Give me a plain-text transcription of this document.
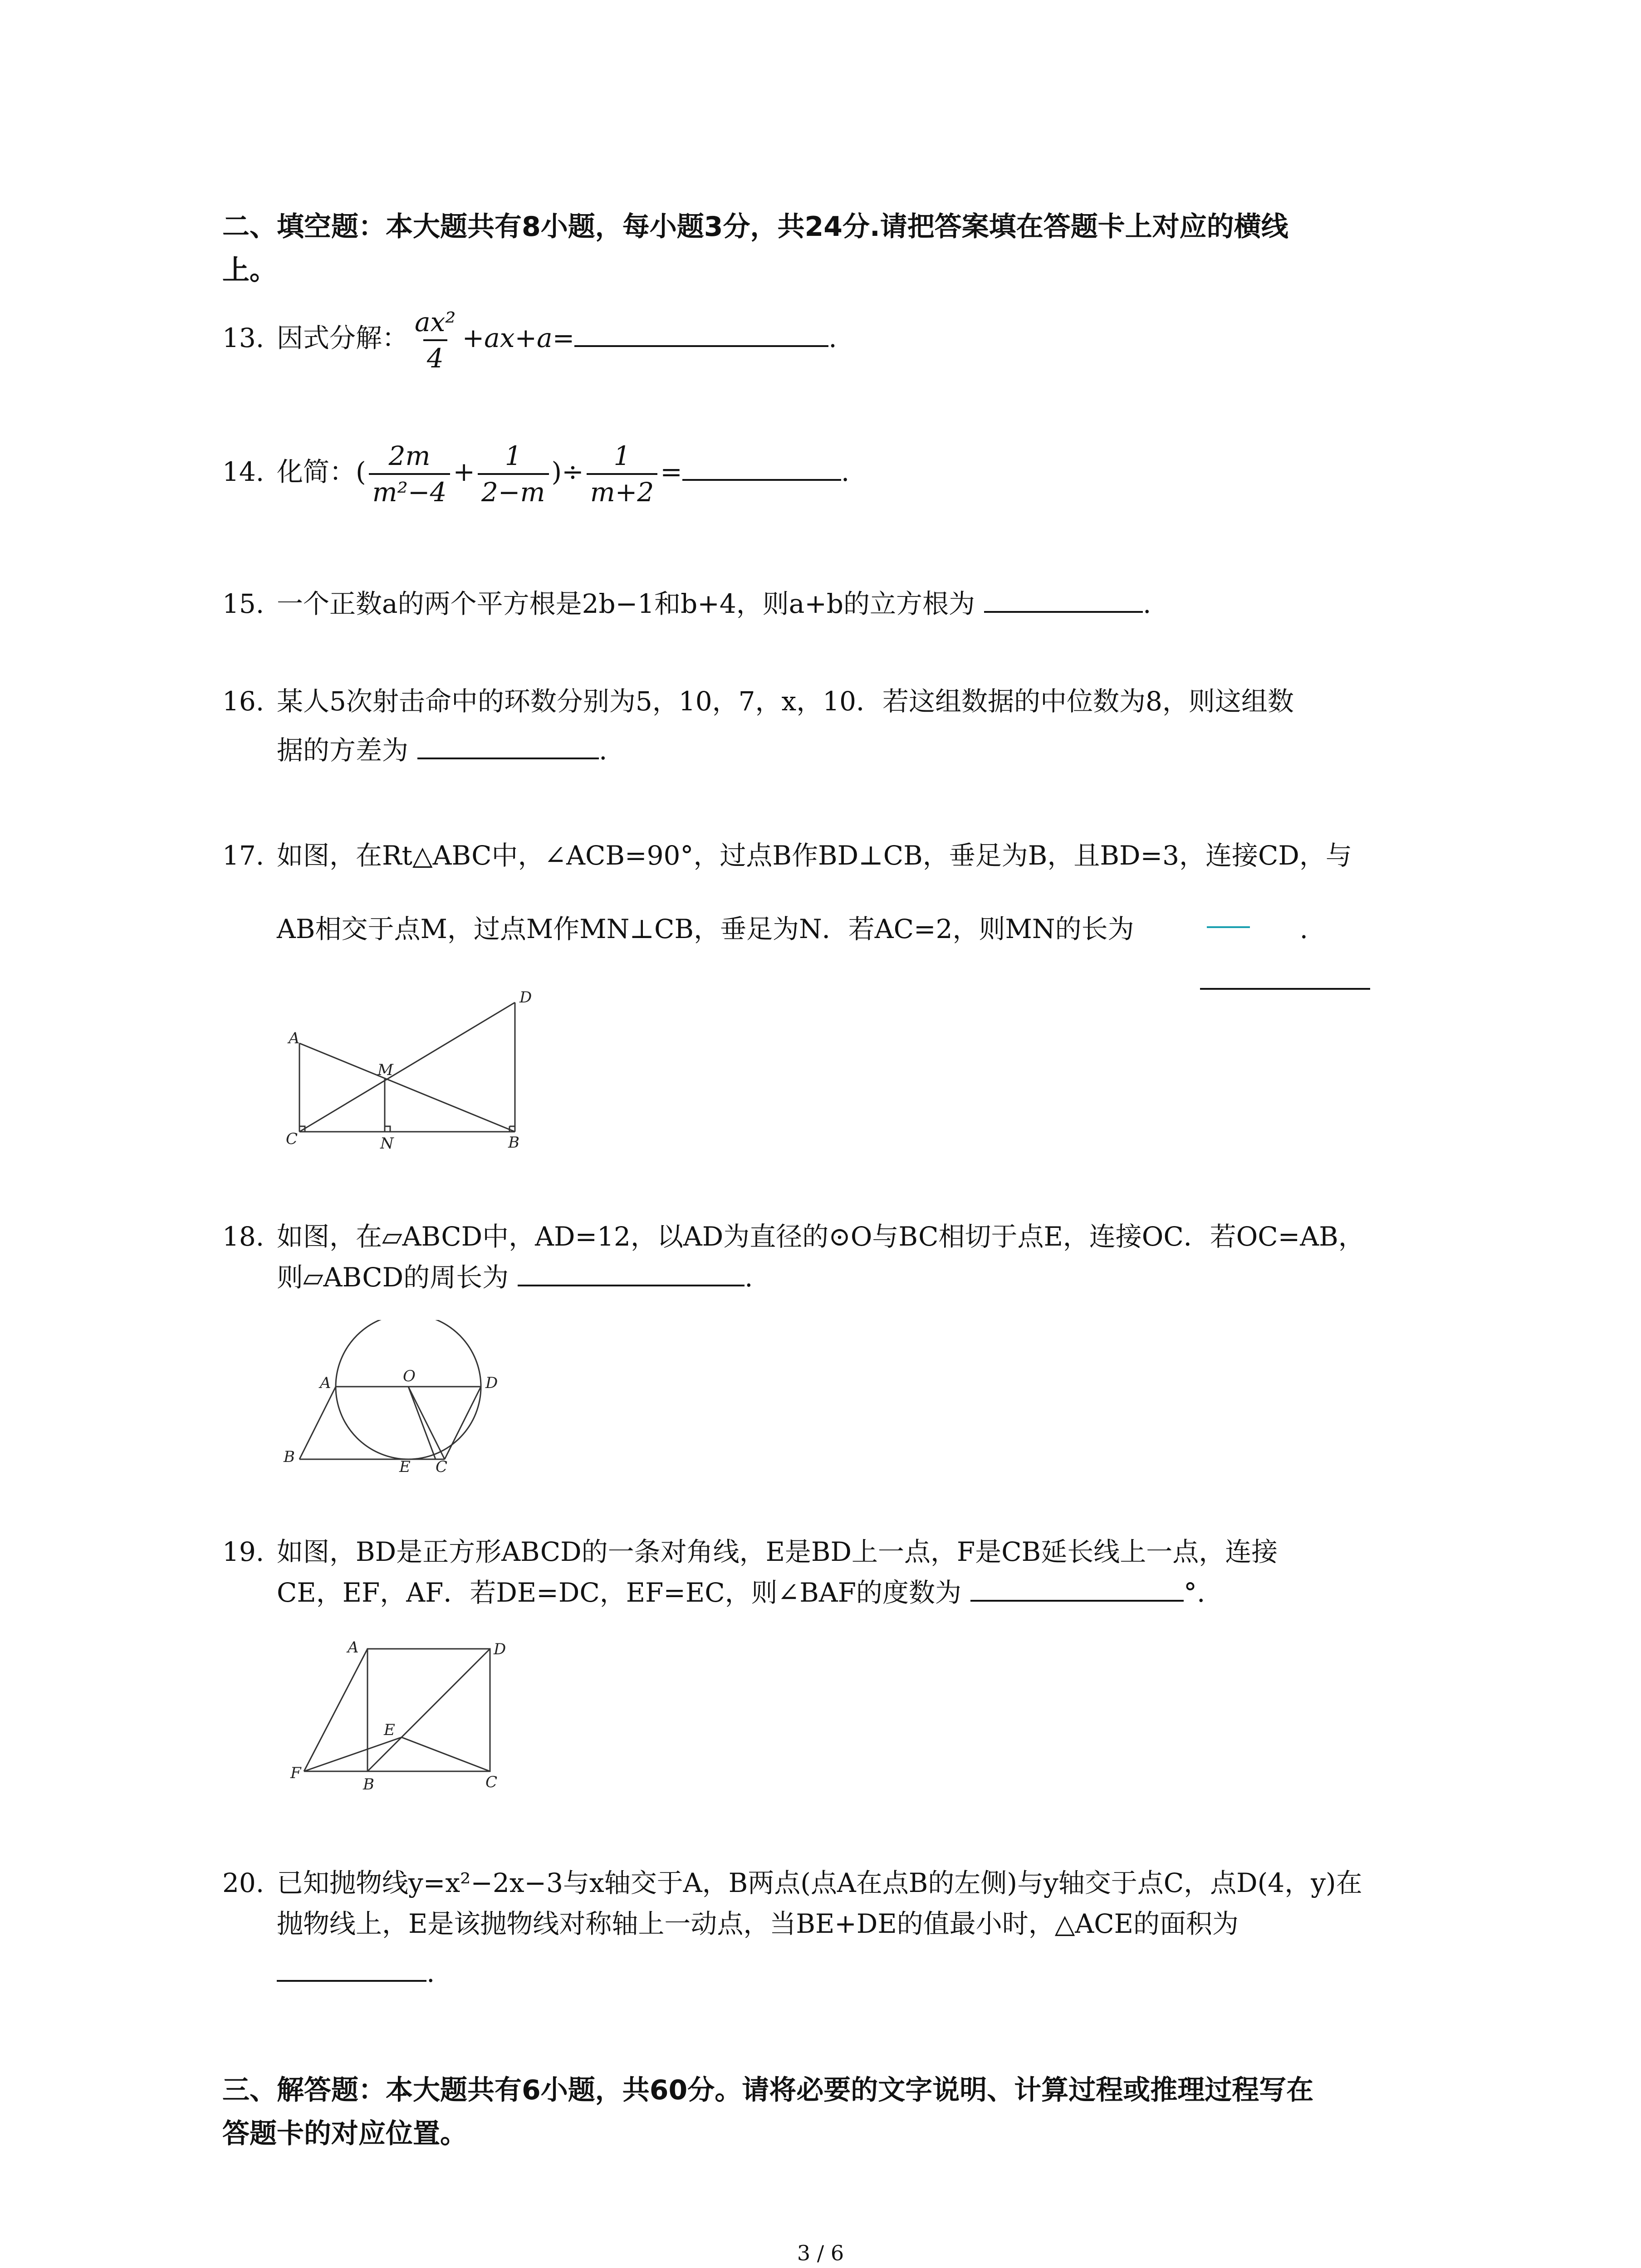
二、填空题：本大题共有8小题，每小题3分，共24分.请把答案填在答题卡上对应的横线
上。
13. 因式分解： $\frac{\text{ax²}}{4} +ax+a=$	.
14. 化简：( $\frac{2m}{\text{m²−4}} + \frac{1}{2-m}$ )÷ $\frac{1}{m+2}$ =	.
15. 一个正数a的两个平方根是2b−1和b+4，则a+b的立方根为	.
16. 某人5次射击命中的环数分别为5，10，7，x，10．若这组数据的中位数为8，则这组数
据的方差为	.
17. 如图，在Rt△ABC中，∠ACB=90°，过点B作BD⊥CB，垂足为B，且BD=3，连接CD，与
AB相交于点M，过点M作MN⊥CB，垂足为N．若AC=2，则MN的长为	.
A
M
D
C	N	B
18. 如图，在▱ABCD中，AD=12，以AD为直径的⊙O与BC相切于点E，连接OC．若OC=AB，
则▱ABCD的周长为	.
A	O	D
B
E C
19. 如图，BD是正方形ABCD的一条对角线，E是BD上一点，F是CB延长线上一点，连接
CE，EF，AF．若DE=DC，EF=EC，则∠BAF的度数为	°.
A	D
E
F
B	C
20. 已知抛物线y=x²−2x−3与x轴交于A，B两点(点A在点B的左侧)与y轴交于点C，点D(4，y)在
抛物线上，E是该抛物线对称轴上一动点，当BE+DE的值最小时，△ACE的面积为
.
三、解答题：本大题共有6小题，共60分。请将必要的文字说明、计算过程或推理过程写在
答题卡的对应位置。
3 / 6
